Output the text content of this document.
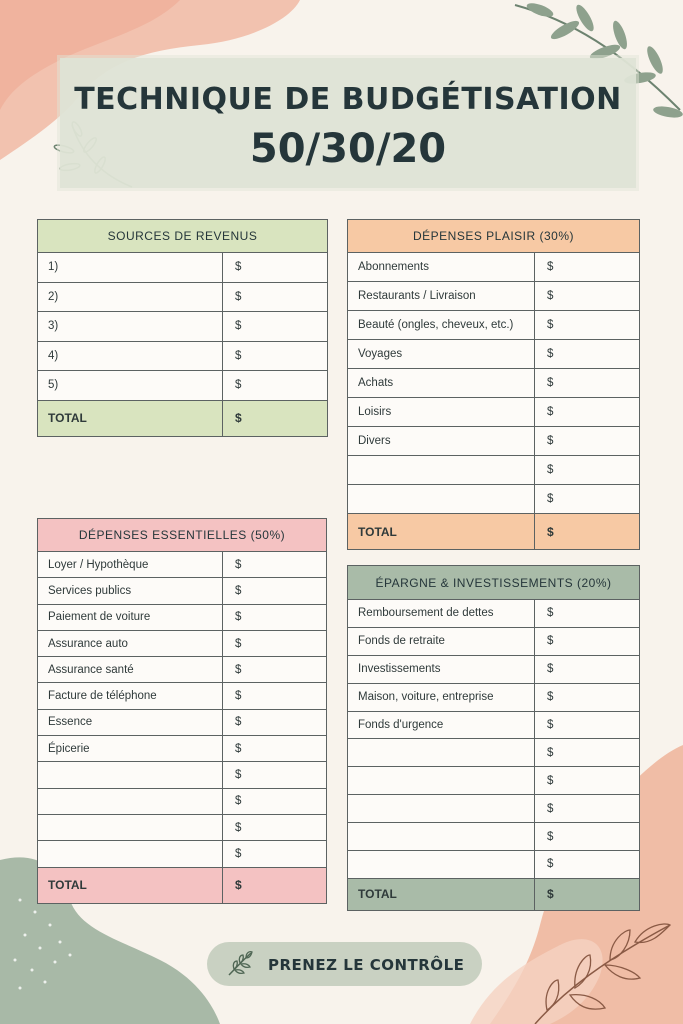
TECHNIQUE DE BUDGÉTISATION
50/30/20
SOURCES DE REVENUS	
1)	$
2)	$
3)	$
4)	$
5)	$
TOTAL	$
DÉPENSES PLAISIR (30%)	
Abonnements	$
Restaurants / Livraison	$
Beauté (ongles, cheveux, etc.)	$
Voyages	$
Achats	$
Loisirs	$
Divers	$
	$
	$
TOTAL	$
DÉPENSES ESSENTIELLES (50%)	
Loyer / Hypothèque	$
Services publics	$
Paiement de voiture	$
Assurance auto	$
Assurance santé	$
Facture de téléphone	$
Essence	$
Épicerie	$
	$
	$
	$
	$
TOTAL	$
ÉPARGNE & INVESTISSEMENTS (20%)	
Remboursement de dettes	$
Fonds de retraite	$
Investissements	$
Maison, voiture, entreprise	$
Fonds d'urgence	$
	$
	$
	$
	$
	$
TOTAL	$
PRENEZ LE CONTRÔLE
